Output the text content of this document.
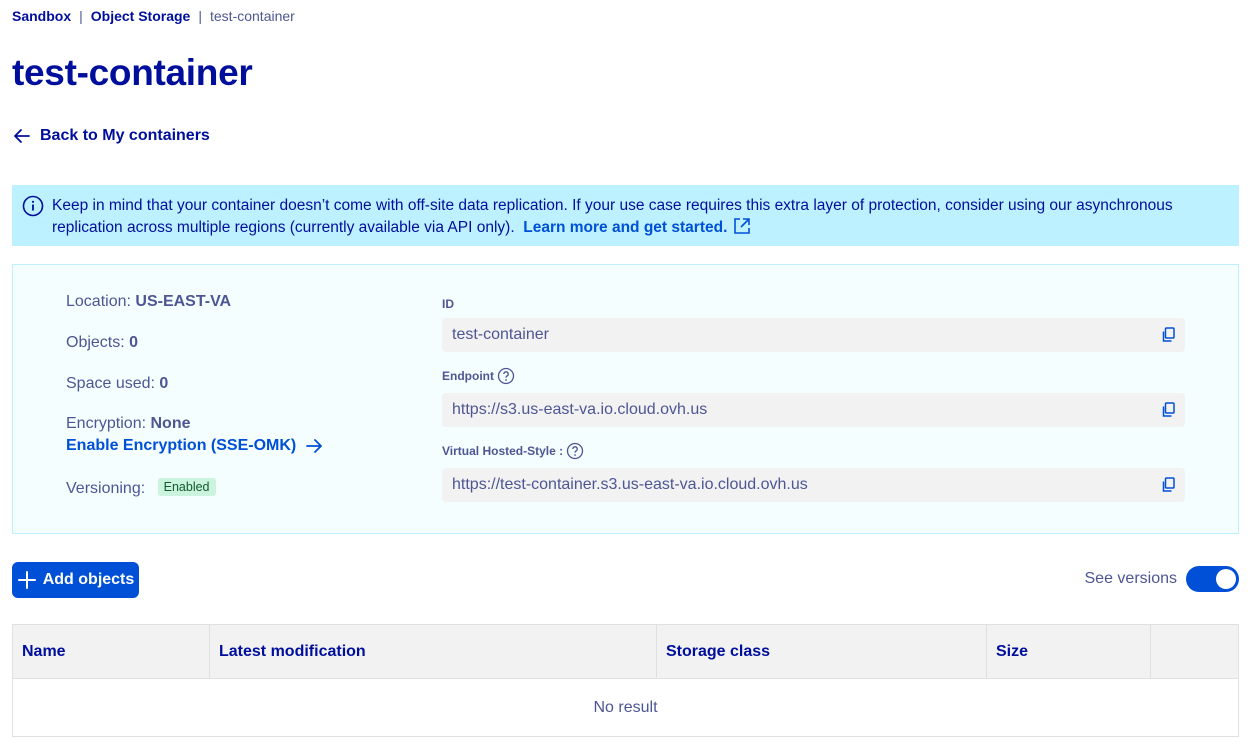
Sandbox | Object Storage | test-container
test-container
Back to My containers
Keep in mind that your container doesn’t come with off-site data replication. If your use case requires this extra layer of protection, consider using our asynchronous replication across multiple regions (currently available via API only). Learn more and get started.
Location: US-EAST-VA
Objects: 0
Space used: 0
Encryption: None
Enable Encryption (SSE-OMK)
Versioning: Enabled
ID
test-container
Endpoint
https://s3.us-east-va.io.cloud.ovh.us
Virtual Hosted-Style :
https://test-container.s3.us-east-va.io.cloud.ovh.us
Add objects	See versions
Name	Latest modification	Storage class	Size
No result
